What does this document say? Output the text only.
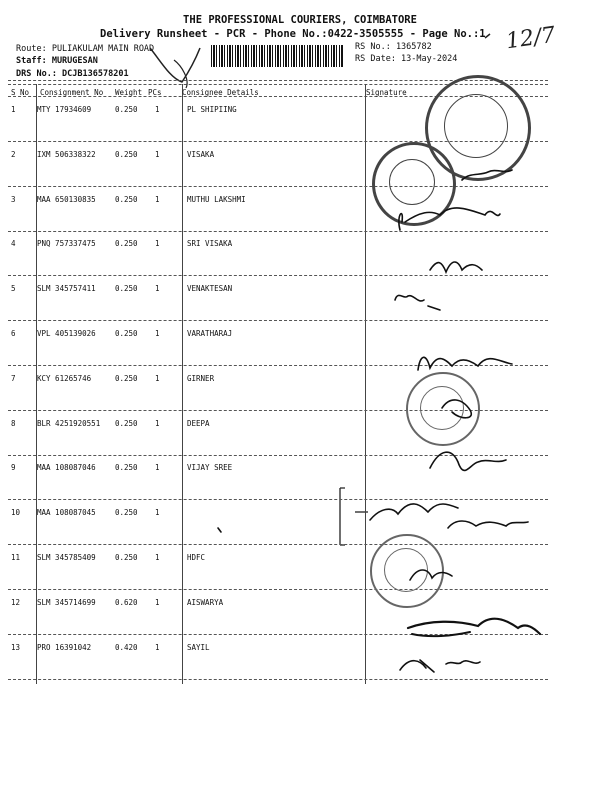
THE PROFESSIONAL COURIERS, COIMBATORE
Delivery Runsheet - PCR - Phone No.:0422-3505555 - Page No.:1
Route: PULIAKULAM MAIN ROAD
Staff: MURUGESAN
DRS No.: DCJB136578201
RS No.: 1365782
RS Date: 13-May-2024
12/7
S No Consignment No Weight PCs	Consignee Details	Signature
1	MTY 17934609	0.250 1	PL SHIPIING
2	IXM 506338322	0.250 1	VISAKA
3	MAA 650130835	0.250 1	MUTHU LAKSHMI
4	PNQ 757337475	0.250 1	SRI VISAKA
5	SLM 345757411	0.250 1	VENAKTESAN
6	VPL 405139026	0.250 1	VARATHARAJ
7	KCY 61265746	0.250 1	GIRNER
8	BLR 4251920551 0.250 1	DEEPA
9	MAA 108087046	0.250 1	VIJAY SREE
10 MAA 108087045	0.250 1
11 SLM 345785409	0.250 1	HDFC
12 SLM 345714699	0.620 1	AISWARYA
13 PRO 16391042	0.420 1	SAYIL
